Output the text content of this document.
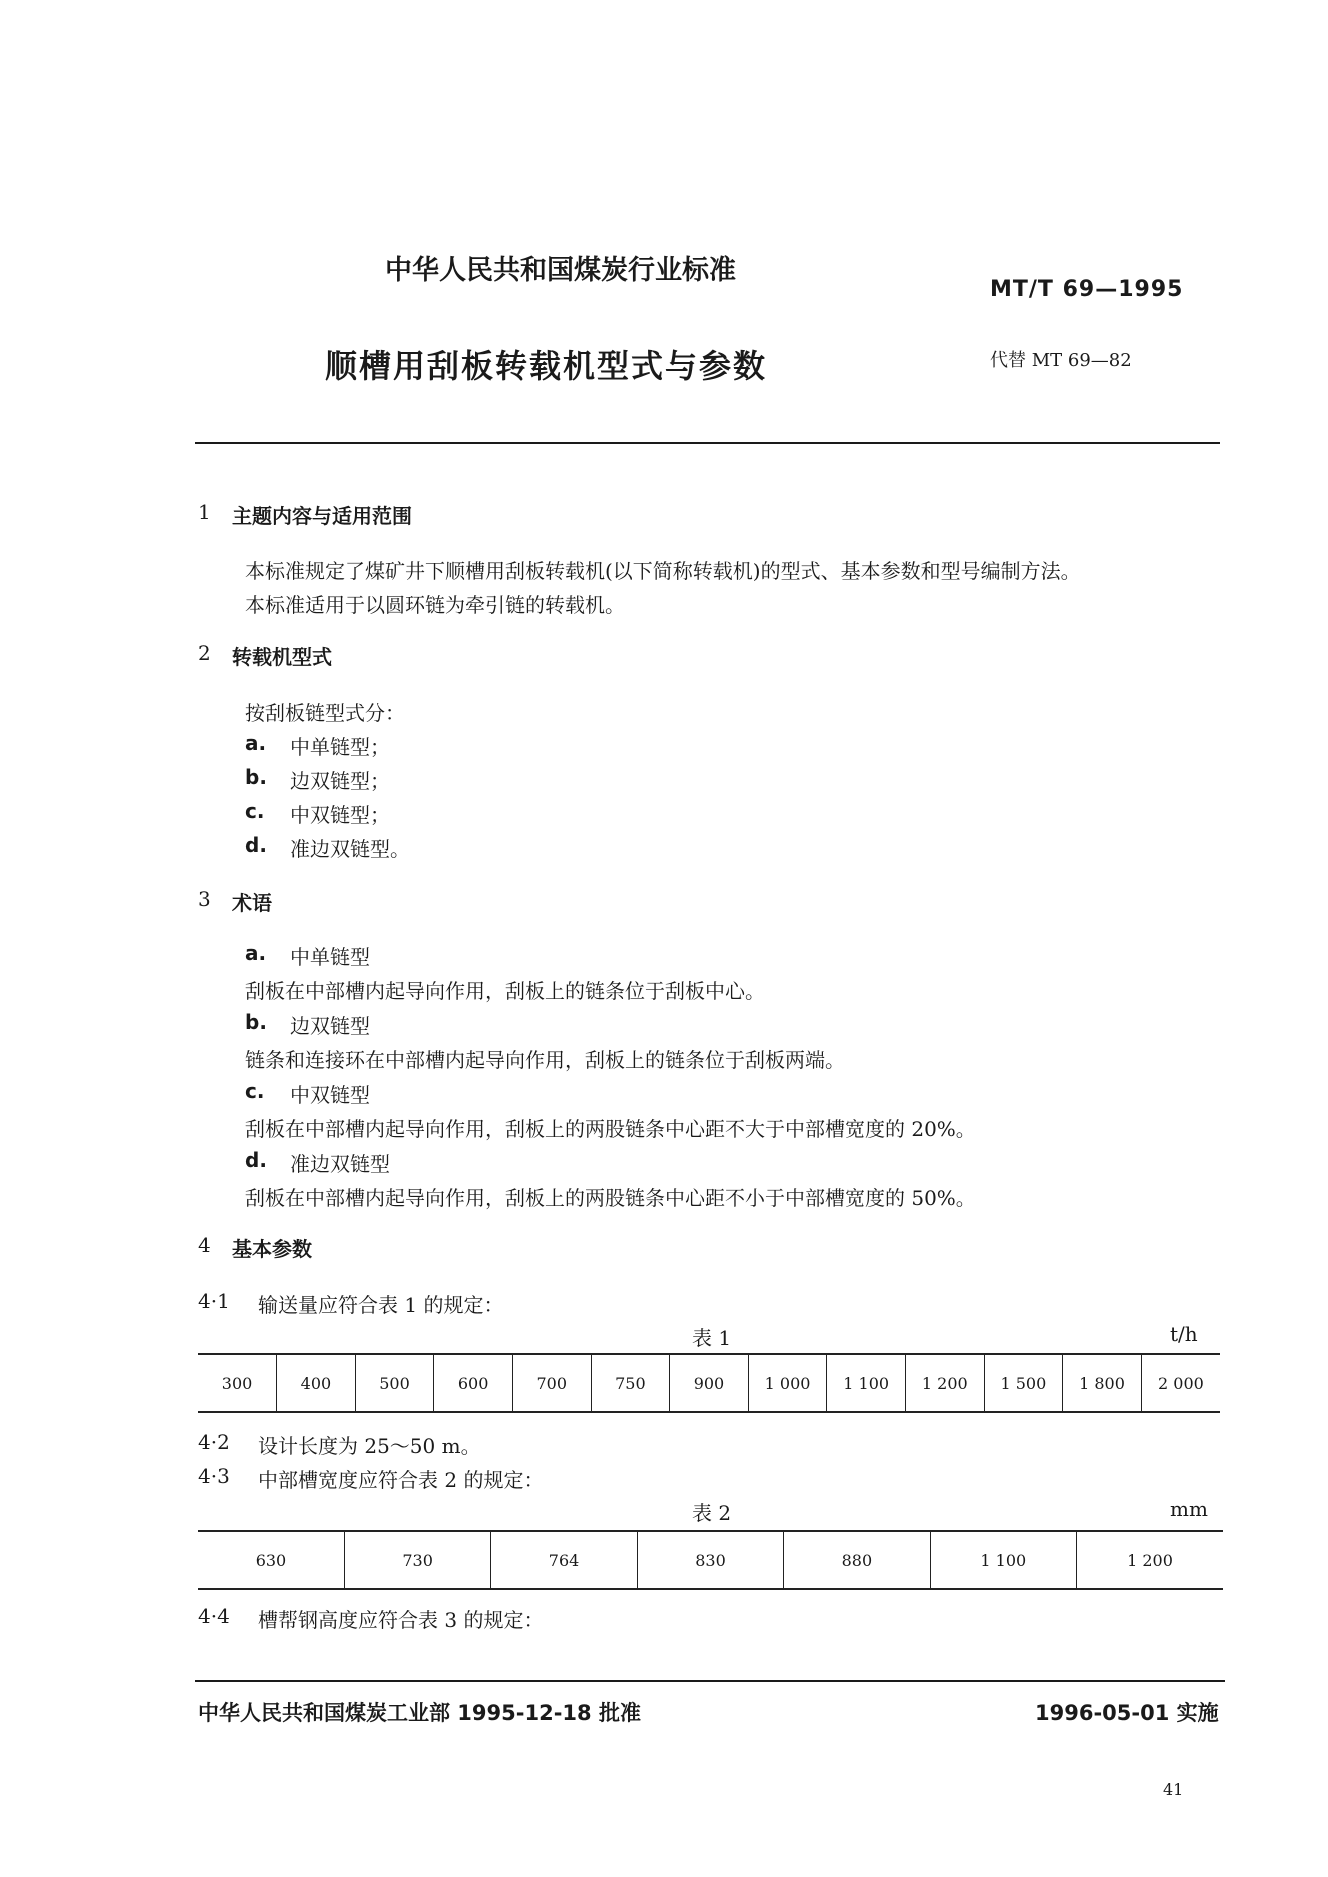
中华人民共和国煤炭行业标准
MT/T 69—1995
顺槽用刮板转载机型式与参数	代替 MT 69—82
1 主题内容与适用范围
本标准规定了煤矿井下顺槽用刮板转载机(以下简称转载机)的型式、基本参数和型号编制方法。
本标准适用于以圆环链为牵引链的转载机。
2 转载机型式
按刮板链型式分：
a. 中单链型；
b. 边双链型；
c. 中双链型；
d. 准边双链型。
3 术语
a. 中单链型
刮板在中部槽内起导向作用，刮板上的链条位于刮板中心。
b. 边双链型
链条和连接环在中部槽内起导向作用，刮板上的链条位于刮板两端。
c. 中双链型
刮板在中部槽内起导向作用，刮板上的两股链条中心距不大于中部槽宽度的 20%。
d. 准边双链型
刮板在中部槽内起导向作用，刮板上的两股链条中心距不小于中部槽宽度的 50%。
4 基本参数
4·1 输送量应符合表 1 的规定：
表 1	t/h
300	400	500	600	700	750	900	1 000	1 100	1 200	1 500	1 800	2 000
4·2 设计长度为 25～50 m。
4·3 中部槽宽度应符合表 2 的规定：
表 2	mm
630	730	764	830	880	1 100	1 200
4·4 槽帮钢高度应符合表 3 的规定：
中华人民共和国煤炭工业部 1995-12-18 批准	1996-05-01 实施
41
